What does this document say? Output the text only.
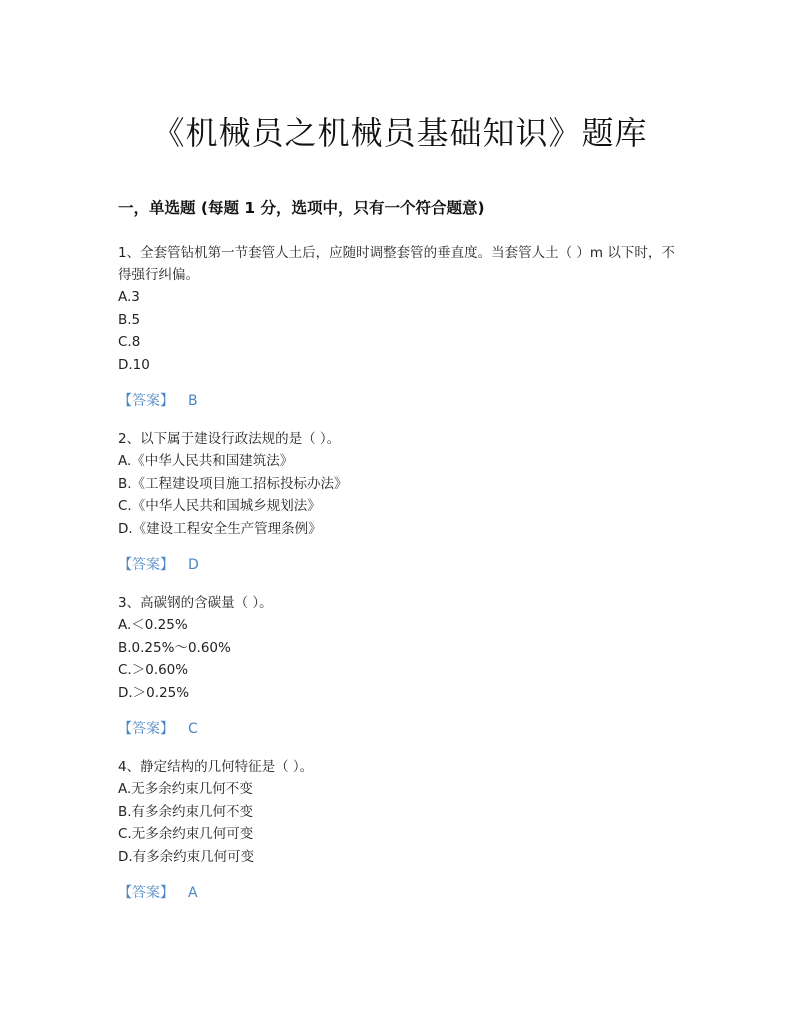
《机械员之机械员基础知识》题库
一，单选题 (每题 1 分，选项中，只有一个符合题意)

1、全套管钻机第一节套管人土后，应随时调整套管的垂直度。当套管人土（ ）m 以下时，不得强行纠偏。

A.3
B.5
C.8
D.10
【答案】 B

2、以下属于建设行政法规的是（ ）。

A.《中华人民共和国建筑法》
B.《工程建设项目施工招标投标办法》
C.《中华人民共和国城乡规划法》
D.《建设工程安全生产管理条例》
【答案】 D

3、高碳钢的含碳量（ ）。

A.＜0.25%
B.0.25%～0.60%
C.＞0.60%
D.＞0.25%
【答案】 C

4、静定结构的几何特征是（ ）。

A.无多余约束几何不变
B.有多余约束几何不变
C.无多余约束几何可变
D.有多余约束几何可变
【答案】 A
